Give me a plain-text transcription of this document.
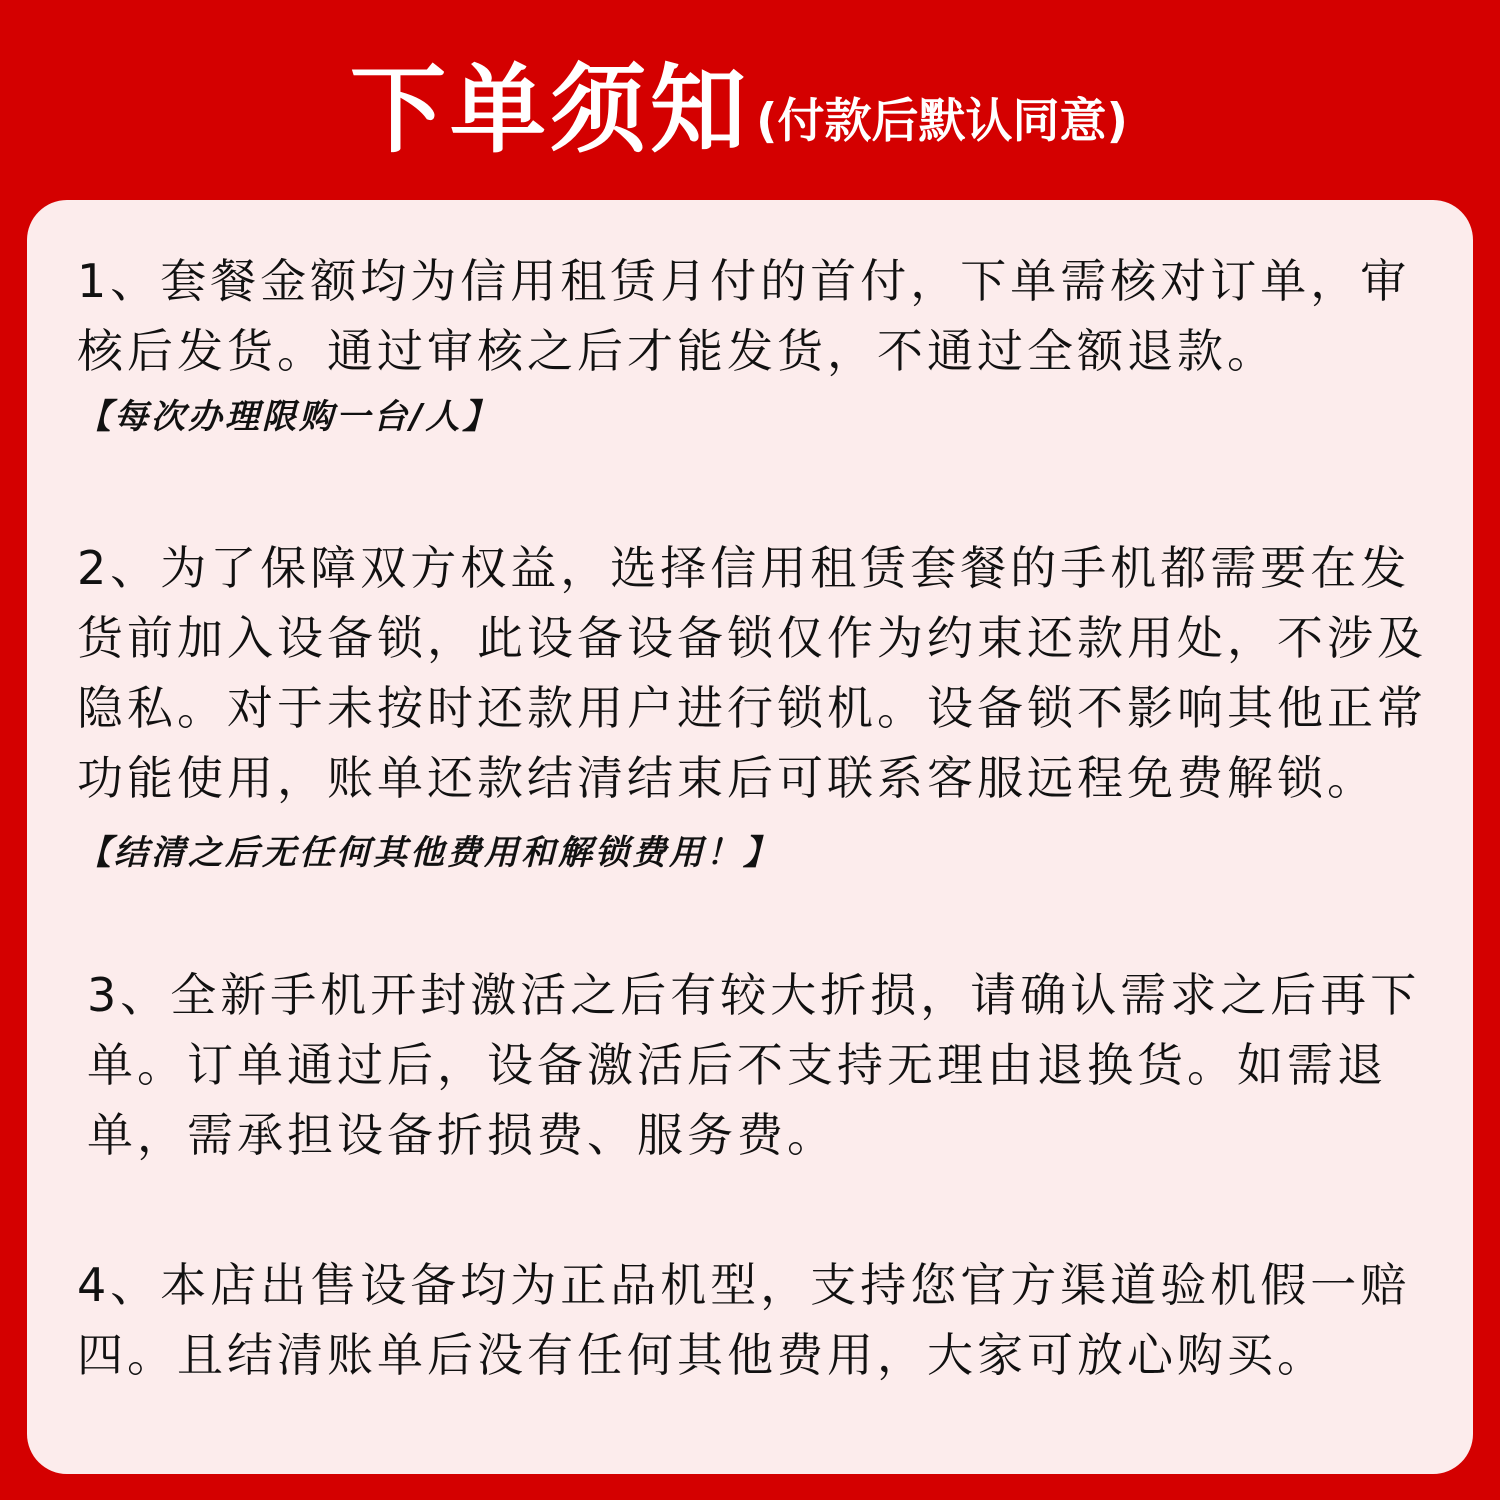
下单须知 (付款后默认同意)

1、套餐金额均为信用租赁月付的首付，下单需核对订单，审核后发货。通过审核之后才能发货，不通过全额退款。
【每次办理限购一台/人】

2、为了保障双方权益，选择信用租赁套餐的手机都需要在发货前加入设备锁，此设备设备锁仅作为约束还款用处，不涉及隐私。对于未按时还款用户进行锁机。设备锁不影响其他正常功能使用，账单还款结清结束后可联系客服远程免费解锁。【结清之后无任何其他费用和解锁费用！】

3、全新手机开封激活之后有较大折损，请确认需求之后再下单。订单通过后，设备激活后不支持无理由退换货。如需退单，需承担设备折损费、服务费。

4、本店出售设备均为正品机型，支持您官方渠道验机假一赔四。且结清账单后没有任何其他费用，大家可放心购买。
